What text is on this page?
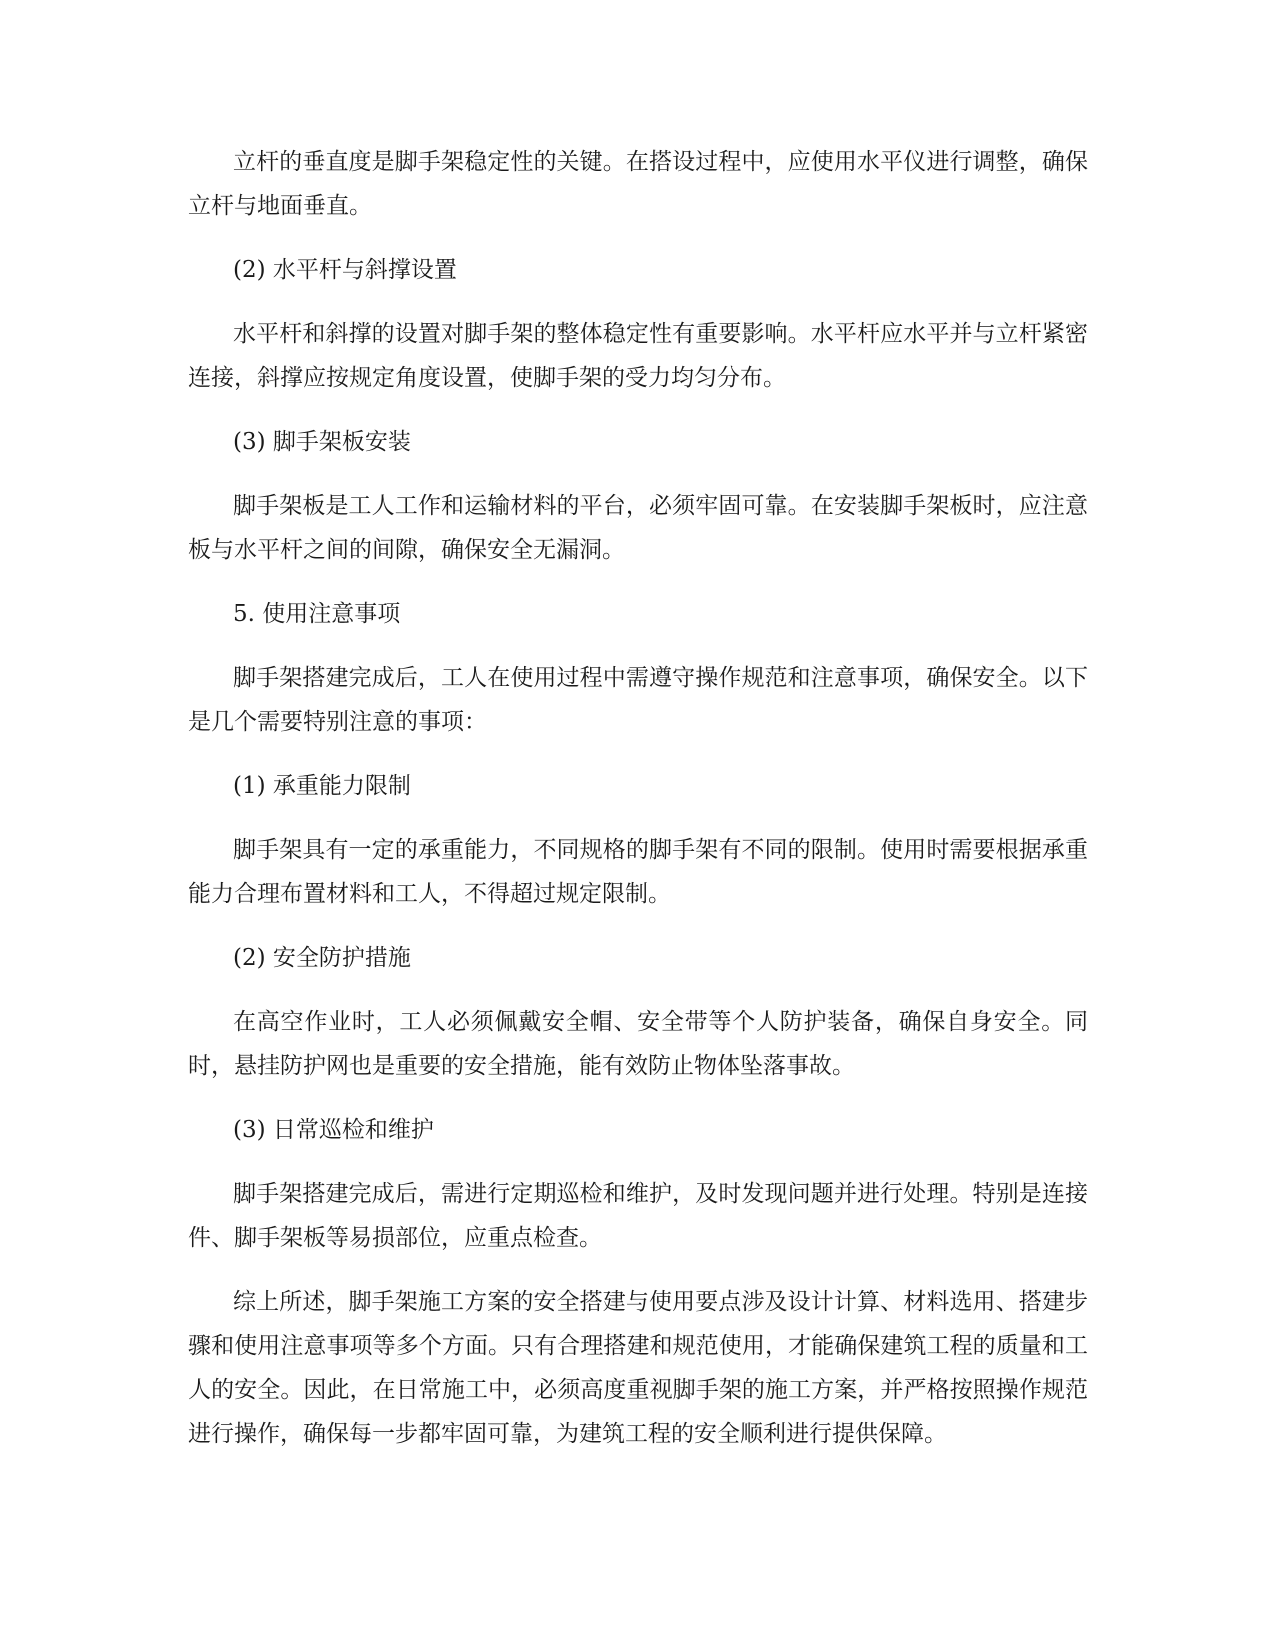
立杆的垂直度是脚手架稳定性的关键。在搭设过程中，应使用水平仪进行调整，确保立杆与地面垂直。

(2) 水平杆与斜撑设置

水平杆和斜撑的设置对脚手架的整体稳定性有重要影响。水平杆应水平并与立杆紧密连接，斜撑应按规定角度设置，使脚手架的受力均匀分布。

(3) 脚手架板安装

脚手架板是工人工作和运输材料的平台，必须牢固可靠。在安装脚手架板时，应注意板与水平杆之间的间隙，确保安全无漏洞。

5. 使用注意事项

脚手架搭建完成后，工人在使用过程中需遵守操作规范和注意事项，确保安全。以下是几个需要特别注意的事项：

(1) 承重能力限制

脚手架具有一定的承重能力，不同规格的脚手架有不同的限制。使用时需要根据承重能力合理布置材料和工人，不得超过规定限制。

(2) 安全防护措施

在高空作业时，工人必须佩戴安全帽、安全带等个人防护装备，确保自身安全。同时，悬挂防护网也是重要的安全措施，能有效防止物体坠落事故。

(3) 日常巡检和维护

脚手架搭建完成后，需进行定期巡检和维护，及时发现问题并进行处理。特别是连接件、脚手架板等易损部位，应重点检查。

综上所述，脚手架施工方案的安全搭建与使用要点涉及设计计算、材料选用、搭建步骤和使用注意事项等多个方面。只有合理搭建和规范使用，才能确保建筑工程的质量和工人的安全。因此，在日常施工中，必须高度重视脚手架的施工方案，并严格按照操作规范进行操作，确保每一步都牢固可靠，为建筑工程的安全顺利进行提供保障。
